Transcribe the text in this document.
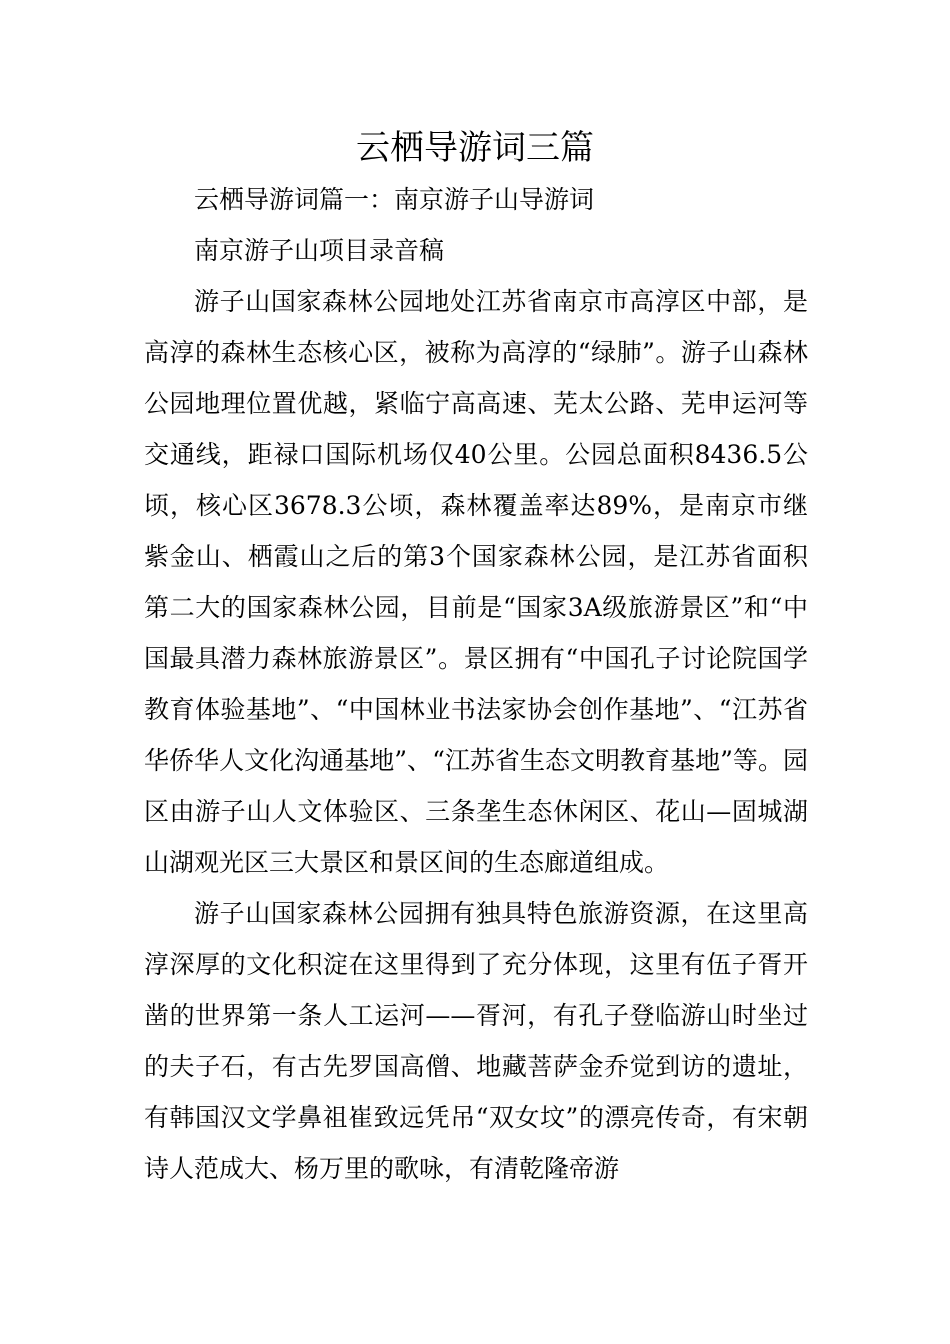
云栖导游词三篇

云栖导游词篇一：南京游子山导游词

南京游子山项目录音稿

游子山国家森林公园地处江苏省南京市高淳区中部，是高淳的森林生态核心区，被称为高淳的“绿肺”。游子山森林公园地理位置优越，紧临宁高高速、芜太公路、芜申运河等交通线，距禄口国际机场仅40公里。公园总面积8436.5公顷，核心区3678.3公顷，森林覆盖率达89%，是南京市继紫金山、栖霞山之后的第3个国家森林公园，是江苏省面积第二大的国家森林公园，目前是“国家3A级旅游景区”和“中国最具潜力森林旅游景区”。景区拥有“中国孔子讨论院国学教育体验基地”、“中国林业书法家协会创作基地”、“江苏省华侨华人文化沟通基地”、“江苏省生态文明教育基地”等。园区由游子山人文体验区、三条垄生态休闲区、花山—固城湖山湖观光区三大景区和景区间的生态廊道组成。

游子山国家森林公园拥有独具特色旅游资源，在这里高淳深厚的文化积淀在这里得到了充分体现，这里有伍子胥开凿的世界第一条人工运河——胥河，有孔子登临游山时坐过的夫子石，有古先罗国高僧、地藏菩萨金乔觉到访的遗址，有韩国汉文学鼻祖崔致远凭吊“双女坟”的漂亮传奇，有宋朝诗人范成大、杨万里的歌咏，有清乾隆帝游
